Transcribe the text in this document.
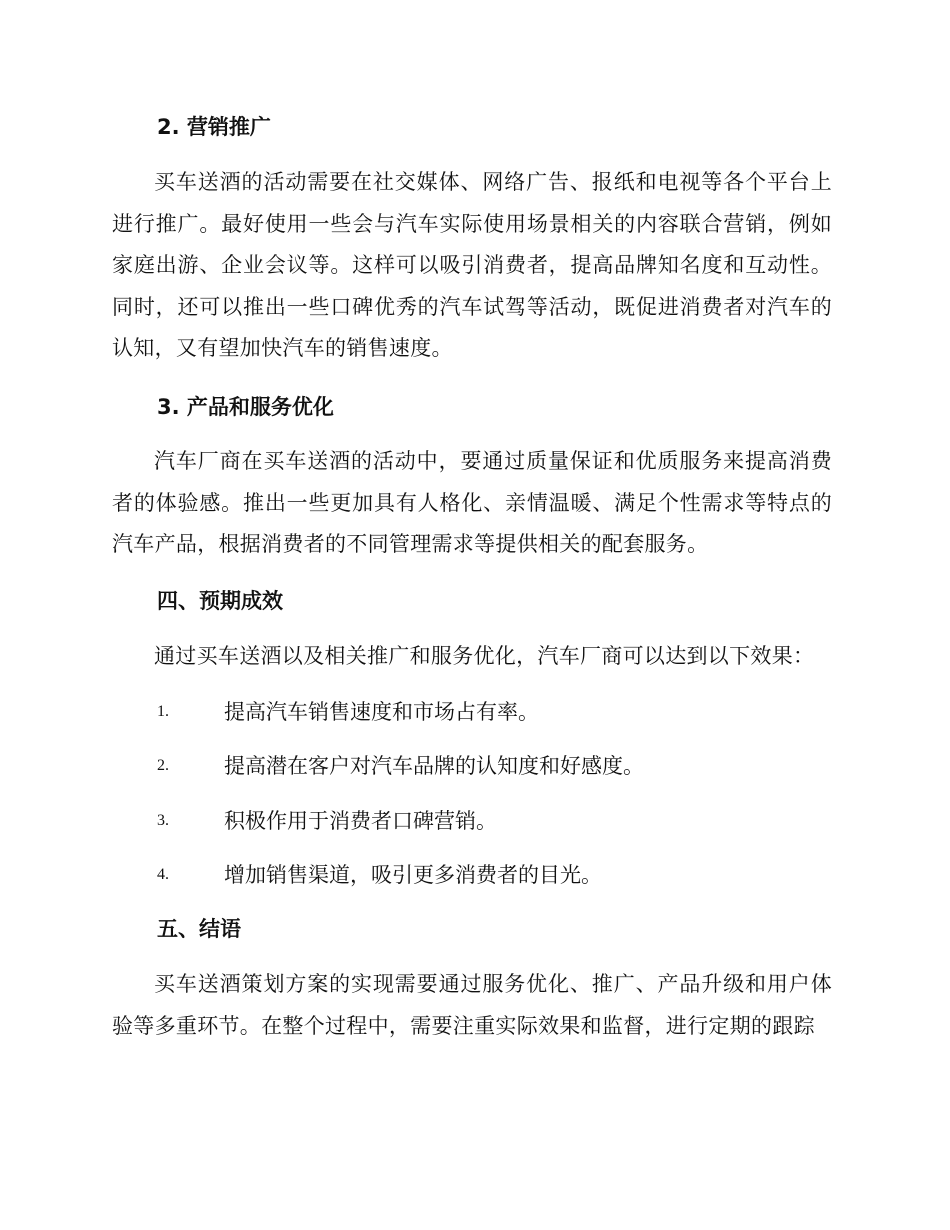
2. 营销推广
买车送酒的活动需要在社交媒体、网络广告、报纸和电视等各个平台上进行推广。最好使用一些会与汽车实际使用场景相关的内容联合营销，例如家庭出游、企业会议等。这样可以吸引消费者，提高品牌知名度和互动性。同时，还可以推出一些口碑优秀的汽车试驾等活动，既促进消费者对汽车的认知，又有望加快汽车的销售速度。
3. 产品和服务优化
汽车厂商在买车送酒的活动中，要通过质量保证和优质服务来提高消费者的体验感。推出一些更加具有人格化、亲情温暖、满足个性需求等特点的汽车产品，根据消费者的不同管理需求等提供相关的配套服务。
四、预期成效
通过买车送酒以及相关推广和服务优化，汽车厂商可以达到以下效果：
1.	提高汽车销售速度和市场占有率。
2.	提高潜在客户对汽车品牌的认知度和好感度。
3.	积极作用于消费者口碑营销。
4.	增加销售渠道，吸引更多消费者的目光。
五、结语
买车送酒策划方案的实现需要通过服务优化、推广、产品升级和用户体验等多重环节。在整个过程中，需要注重实际效果和监督，进行定期的跟踪
